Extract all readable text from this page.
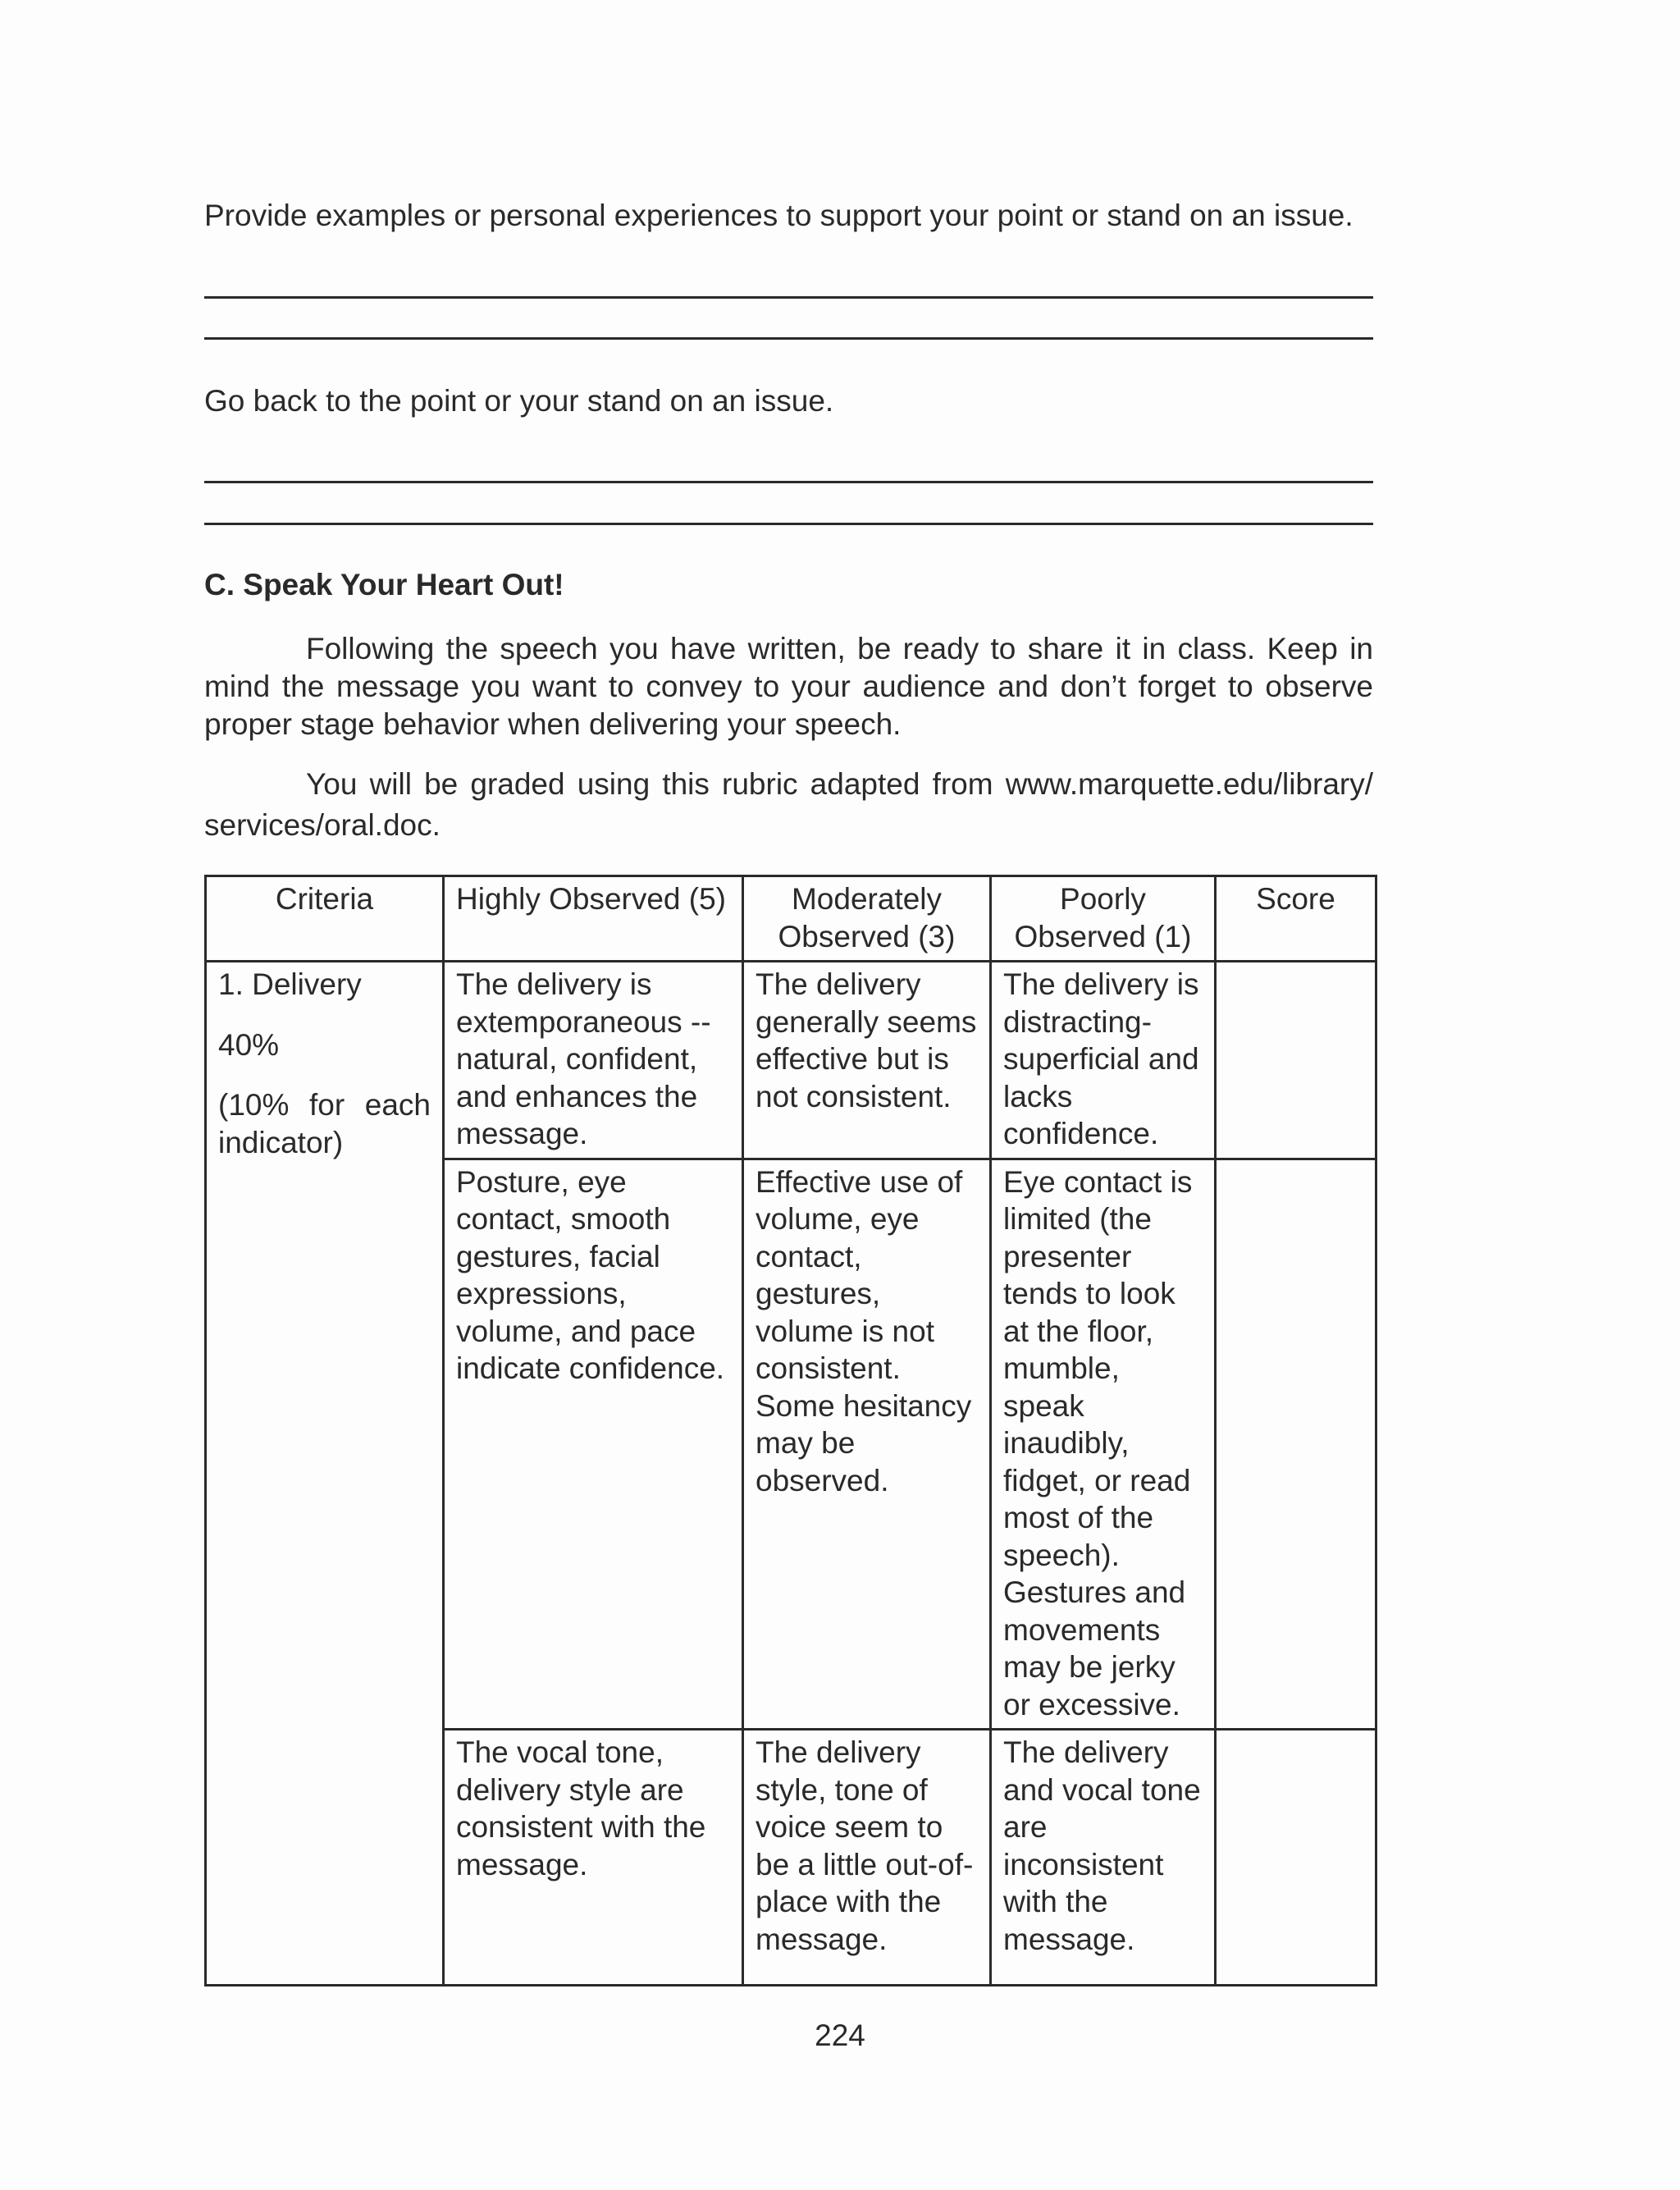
Provide examples or personal experiences to support your point or stand on an issue.

Go back to the point or your stand on an issue.

C. Speak Your Heart Out!

Following the speech you have written, be ready to share it in class. Keep in mind the message you want to convey to your audience and don’t forget to observe proper stage behavior when delivering your speech.

You will be graded using this rubric adapted from www.marquette.edu/library/ services/oral.doc.

Criteria	Highly Observed (5)	Moderately Observed (3)	Poorly Observed (1)	Score

1. Delivery

40%

(10% for each indicator)	The delivery is extemporaneous -- natural, confident, and enhances the message.	The delivery generally seems effective but is not consistent.	The delivery is distracting-superficial and lacks confidence.	
	Posture, eye contact, smooth gestures, facial expressions, volume, and pace indicate confidence.	Effective use of volume, eye contact, gestures, volume is not consistent. Some hesitancy may be observed.	Eye contact is limited (the presenter tends to look at the floor, mumble, speak inaudibly, fidget, or read most of the speech). Gestures and movements may be jerky or excessive.	
	The vocal tone, delivery style are consistent with the message.	The delivery style, tone of voice seem to be a little out-of-place with the message.	The delivery and vocal tone are inconsistent with the message.	

224
